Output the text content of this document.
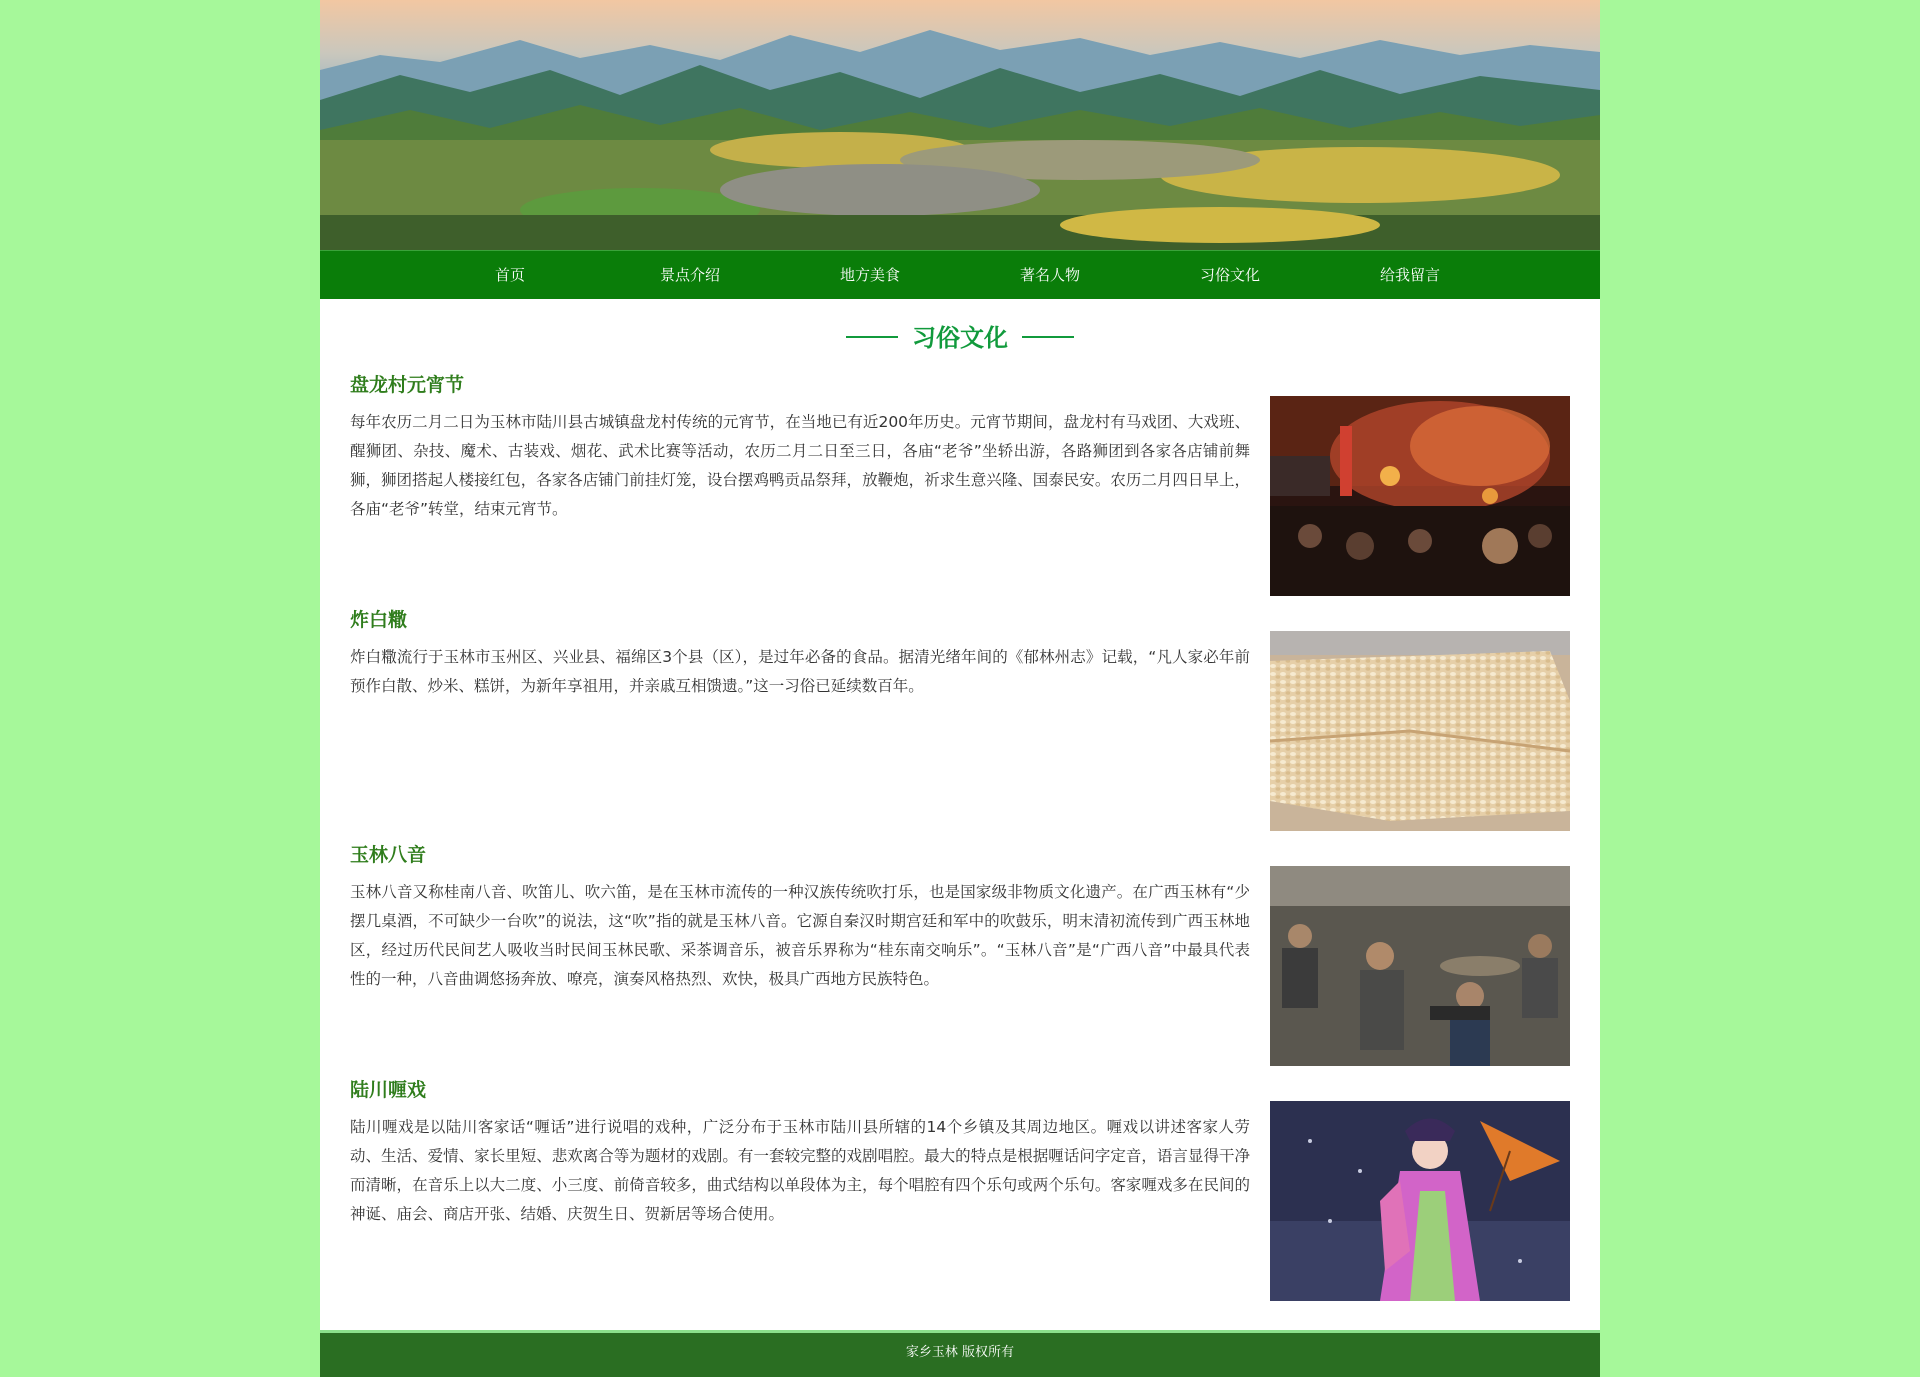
首页	景点介绍	地方美食	著名人物	习俗文化	给我留言
习俗文化
盘龙村元宵节
每年农历二月二日为玉林市陆川县古城镇盘龙村传统的元宵节，在当地已有近200年历史。元宵节期间，盘龙村有马戏团、大戏班、醒狮团、杂技、魔术、古装戏、烟花、武术比赛等活动，农历二月二日至三日，各庙“老爷”坐轿出游，各路狮团到各家各店铺前舞狮，狮团搭起人楼接红包，各家各店铺门前挂灯笼，设台摆鸡鸭贡品祭拜，放鞭炮，祈求生意兴隆、国泰民安。农历二月四日早上，各庙“老爷”转堂，结束元宵节。
炸白糤
炸白糤流行于玉林市玉州区、兴业县、福绵区3个县（区），是过年必备的食品。据清光绪年间的《郁林州志》记载，“凡人家必年前预作白散、炒米、糕饼，为新年享祖用，并亲戚互相馈遗。”这一习俗已延续数百年。
玉林八音
玉林八音又称桂南八音、吹笛儿、吹六笛，是在玉林市流传的一种汉族传统吹打乐，也是国家级非物质文化遗产。在广西玉林有“少摆几桌酒，不可缺少一台吹”的说法，这“吹”指的就是玉林八音。它源自秦汉时期宫廷和军中的吹鼓乐，明末清初流传到广西玉林地区，经过历代民间艺人吸收当时民间玉林民歌、采茶调音乐，被音乐界称为“桂东南交响乐”。“玉林八音”是“广西八音”中最具代表性的一种，八音曲调悠扬奔放、嘹亮，演奏风格热烈、欢快，极具广西地方民族特色。
陆川喱戏
陆川喱戏是以陆川客家话“喱话”进行说唱的戏种，广泛分布于玉林市陆川县所辖的14个乡镇及其周边地区。喱戏以讲述客家人劳动、生活、爱情、家长里短、悲欢离合等为题材的戏剧。有一套较完整的戏剧唱腔。最大的特点是根据喱话问字定音，语言显得干净而清晰，在音乐上以大二度、小三度、前倚音较多，曲式结构以单段体为主，每个唱腔有四个乐句或两个乐句。客家喱戏多在民间的神诞、庙会、商店开张、结婚、庆贺生日、贺新居等场合使用。
家乡玉林 版权所有
